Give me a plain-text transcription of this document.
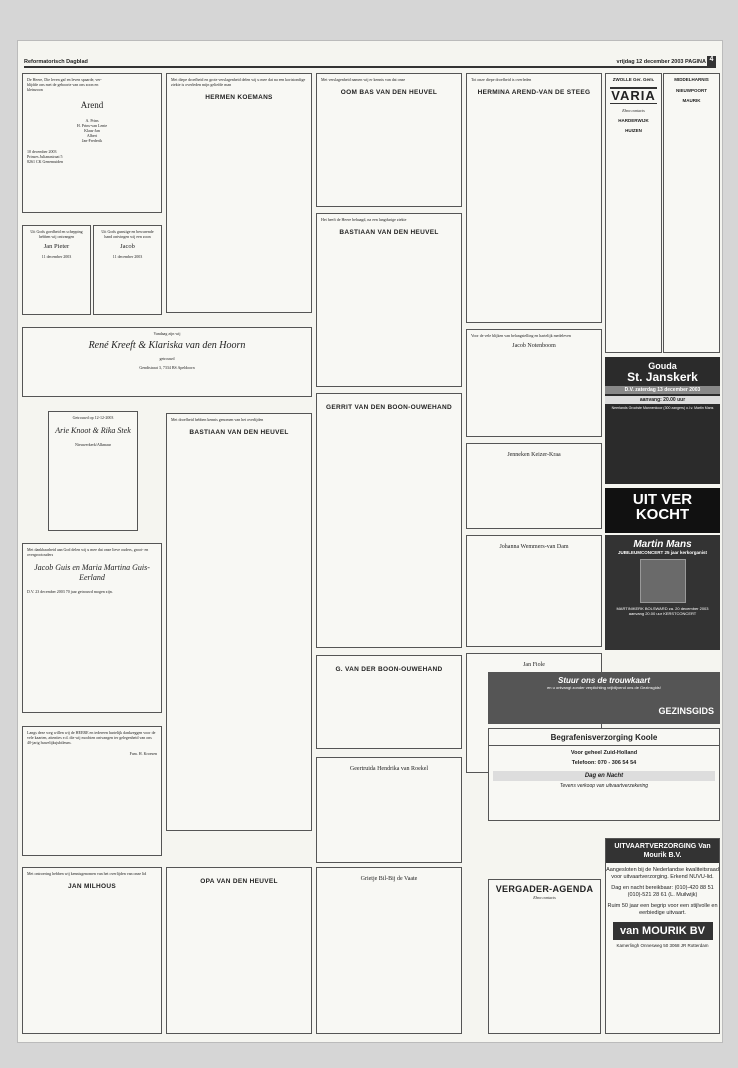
Reformatorisch Dagblad	vrijdag 12 december 2003 PAGINA 4
De Heere, Die leven gaf en leven spaarde, ver-
blijdde ons met de geboorte van ons zoon en
kleinzoon
Arend
A. Prins
H. Prins-van Lente
Klaas-Jan
Albert
Jan-Frederik
10 december 2003
Prinses Julianastraat 5
8261 CK Genemuiden
Uit Gods goedheid en schepping hebben wij ontvangen
Jan Pieter
11 december 2003
Uit Gods gunstige en bewarende hand ontvingen wij een zoon
Jacob
11 december 2003
Vandaag zijn wij
René Kreeft & Klariska van den Hoorn
getrouwd
Gendtstraat 3, 7334 BS Apeldoorn
Getrouwd op 12-12-2003
Arie Knoot & Rika Stek
Nieuwerkerk/Alkmaar
Met dankbaarheid aan God delen wij u mee dat onze lieve ouders, groot- en overgrootouders
Jacob Guis en Maria Martina Guis-Eerland
D.V. 23 december 2003 70 jaar getrouwd mogen zijn.
Langs deze weg willen wij de HEERE en iedereen hartelijk dankzeggen voor de vele kaarten, attenties e.d. die wij mochten ontvangen ter gelegenheid van ons 40-jarig huwelijksjubileum.
Fam. H. Kroesen
Met ontroering hebben wij kennisgenomen van het overlijden van onze lid
JAN MILHOUS
Met diepe droefheid en grote verslagenheid delen wij u mee dat na een kortstondige ziekte is overleden mijn geliefde man
HERMEN KOEMANS
Met droefheid hebben kennis genomen van het overlijden
BASTIAAN VAN DEN HEUVEL
OPA VAN DEN HEUVEL
Met verslagenheid namen wij er kennis van dat onze
OOM BAS VAN DEN HEUVEL
Het heeft de Heere behaagd, na een langdurige ziekte
BASTIAAN VAN DEN HEUVEL
GERRIT VAN DEN BOON-OUWEHAND
G. VAN DER BOON-OUWEHAND
Geertruida Hendrika van Roekel
Grietje Bil-Bij de Vaate
Tot onze diepe droefheid is overleden
HERMINA AREND-VAN DE STEEG
Voor de vele blijken van belangstelling en hartelijk medeleven
Jacob Notenboom
Jenneken Keizer-Kraa
Johanna Wemmers-van Dam
Jan Fiole
VERGADER-AGENDA
Ebea contacts
ZWOLLE Ger. Gem.
VARIA
Ebea contacts
HARDERWIJK
HUIZEN
MIDDELHARNIS
NIEUWPOORT
MAURIK
Gouda
St. Janskerk
D.V. zaterdag 13 december 2003
aanvang: 20.00 uur
Neerlands Grootste Mannenkoor (300 zangers) o.l.v. Martin Mans
UIT VER KOCHT
Martin Mans
JUBILEUMCONCERT 25 jaar kerkorganist
MARTINIKERK BOLSWARD za. 20 december 2003 aanvang 20.00 uur KERSTCONCERT
Stuur ons de trouwkaart
en u ontvangt zonder verplichting vrijblijvend ons de Gezinsgids!
GEZINSGIDS
Begrafenisverzorging Koole
Voor geheel Zuid-Holland
Telefoon: 070 - 306 54 54
Dag en Nacht
Tevens verkoop van uitvaartverzekering
UITVAARTVERZORGING Van Mourik B.V.
Aangesloten bij de Nederlandse kwaliteitsraad voor uitvaartverzorging. Erkend NUVU-lid.
Dag en nacht bereikbaar: (010)-420 88 51 (010)-521 28 61 (L. Muilwijk)
Ruim 50 jaar een begrip voor een stijlvolle en eerbiedige uitvaart.
van MOURIK BV
Kamerlingh Onnesweg 50 3068 JR Rotterdam
